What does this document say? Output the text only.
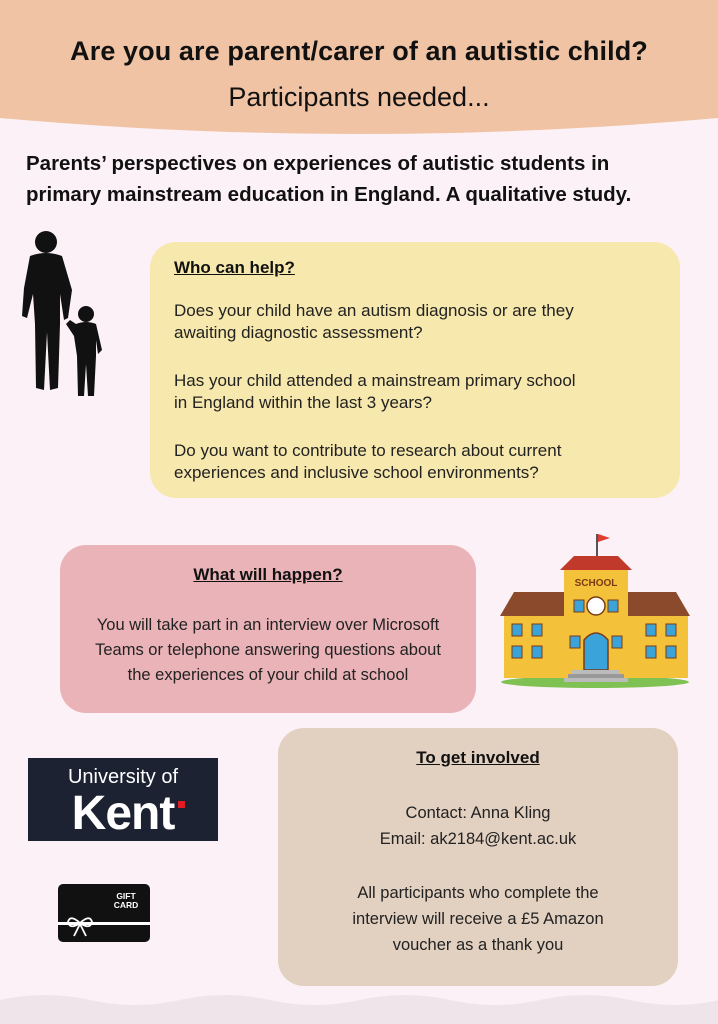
Are you are parent/carer of an autistic child?
Participants needed...
Parents’ perspectives on experiences of autistic students in
primary mainstream education in England. A qualitative study.
Who can help?
Does your child have an autism diagnosis or are they
awaiting diagnostic assessment?
Has your child attended a mainstream primary school
in England within the last 3 years?
Do you want to contribute to research about current
experiences and inclusive school environments?
What will happen?
You will take part in an interview over Microsoft
Teams or telephone answering questions about
the experiences of your child at school
SCHOOL
University of
Kent
GIFT
CARD
To get involved
Contact: Anna Kling
Email: ak2184@kent.ac.uk
All participants who complete the
interview will receive a £5 Amazon
voucher as a thank you
